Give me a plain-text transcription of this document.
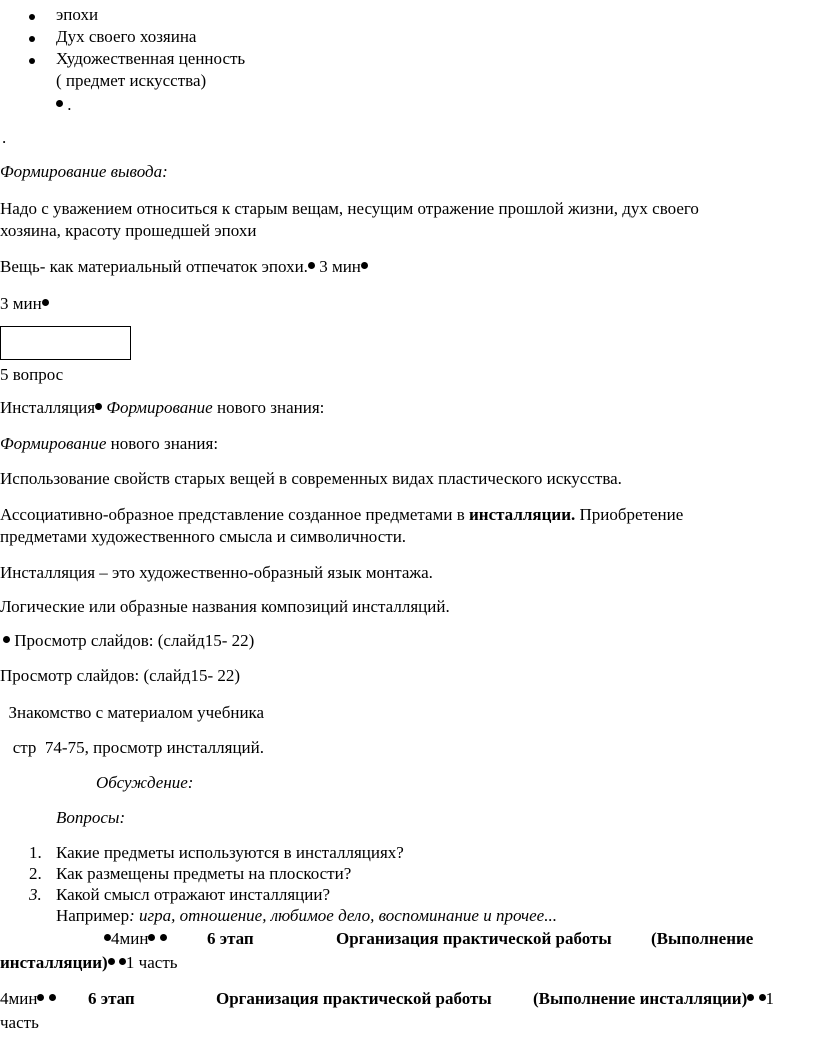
эпохи
Дух своего хозяина
Художественная ценность
( предмет искусства)
.
.
Формирование вывода:
Надо с уважением относиться к старым вещам, несущим отражение прошлой жизни, дух своего
хозяина, красоту прошедшей эпохи
Вещь- как материальный отпечаток эпохи. 3 мин
3 мин
5 вопрос
Инсталляция Формирование нового знания:
Формирование нового знания:
Использование свойств старых вещей в современных видах пластического искусства.
Ассоциативно-образное представление созданное предметами в инсталляции. Приобретение
предметами художественного смысла и символичности.
Инсталляция – это художественно-образный язык монтажа.
Логические или образные названия композиций инсталляций.
Просмотр слайдов: (слайд15- 22)
Просмотр слайдов: (слайд15- 22)
Знакомство с материалом учебника
стр  74-75, просмотр инсталляций.
Обсуждение:
Вопросы:
1. Какие предметы используются в инсталляциях?
2. Как размещены предметы на плоскости?
3. Какой смысл отражают инсталляции?
Например: игра, отношение, любимое дело, воспоминание и прочее...
4мин	6 этап	Организация практической работы (Выполнение
инсталляции) 1 часть
4мин	6 этап	Организация практической работы (Выполнение инсталляции) 1
часть
